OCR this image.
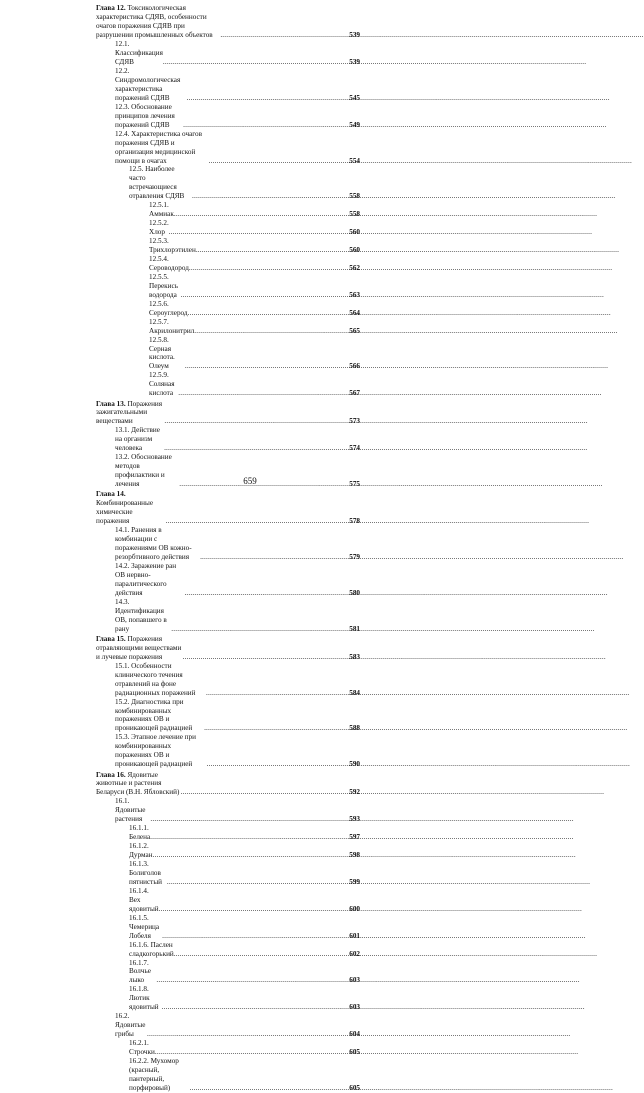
Глава 12. Токсикологическая характеристика СДЯВ, особенности очагов поражения СДЯВ при разрушении промышленных объектов .....	539
12.1. Классификация СДЯВ .....	539
12.2. Синдромологическая характеристика поражений СДЯВ .....	545
12.3. Обоснование принципов лечения поражений СДЯВ .....	549
12.4. Характеристика очагов поражения СДЯВ и организация медицинской помощи в очагах .....	554
12.5. Наиболее часто встречающиеся отравления СДЯВ .....	558
12.5.1. Аммиак .....	558
12.5.2. Хлор .....	560
12.5.3. Трихлорэтилен .....	560
12.5.4. Сероводород .....	562
12.5.5. Перекись водорода .....	563
12.5.6. Сероуглерод .....	564
12.5.7. Акрилонитрил .....	565
12.5.8. Серная кислота. Олеум .....	566
12.5.9. Соляная кислота .....	567
Глава 13. Поражения зажигательными веществами .....	573
13.1. Действие на организм человека .....	574
13.2. Обоснование методов профилактики и лечения .....	575
Глава 14. Комбинированные химические поражения .....	578
14.1. Ранения в комбинации с поражениями ОВ кожно-резорбтивного действия .....	579
14.2. Заражение ран ОВ нервно-паралитического действия .....	580
14.3. Идентификация ОВ, попавшего в рану .....	581
Глава 15. Поражения отравляющими веществами и лучевые поражения .....	583
15.1. Особенности клинического течения отравлений на фоне радиационных поражений .....	584
15.2. Диагностика при комбинированных поражениях ОВ и проникающей радиацией .....	588
15.3. Этапное лечение при комбинированных поражениях ОВ и проникающей радиацией .....	590
Глава 16. Ядовитые животные и растения Беларуси (В.Н. Ябловский) .....	592
16.1. Ядовитые растения .....	593
16.1.1. Белена .....	597
16.1.2. Дурман .....	598
16.1.3. Болиголов пятнистый .....	599
16.1.4. Вех ядовитый .....	600
16.1.5. Чемерица Лобеля .....	601
16.1.6. Паслен сладкогорький .....	602
16.1.7. Волчье лыко .....	603
16.1.8. Лютик ядовитый .....	603
16.2. Ядовитые грибы .....	604
16.2.1. Строчки .....	605
16.2.2. Мухомор (красный, пантерный, порфировый) .....	605
659
